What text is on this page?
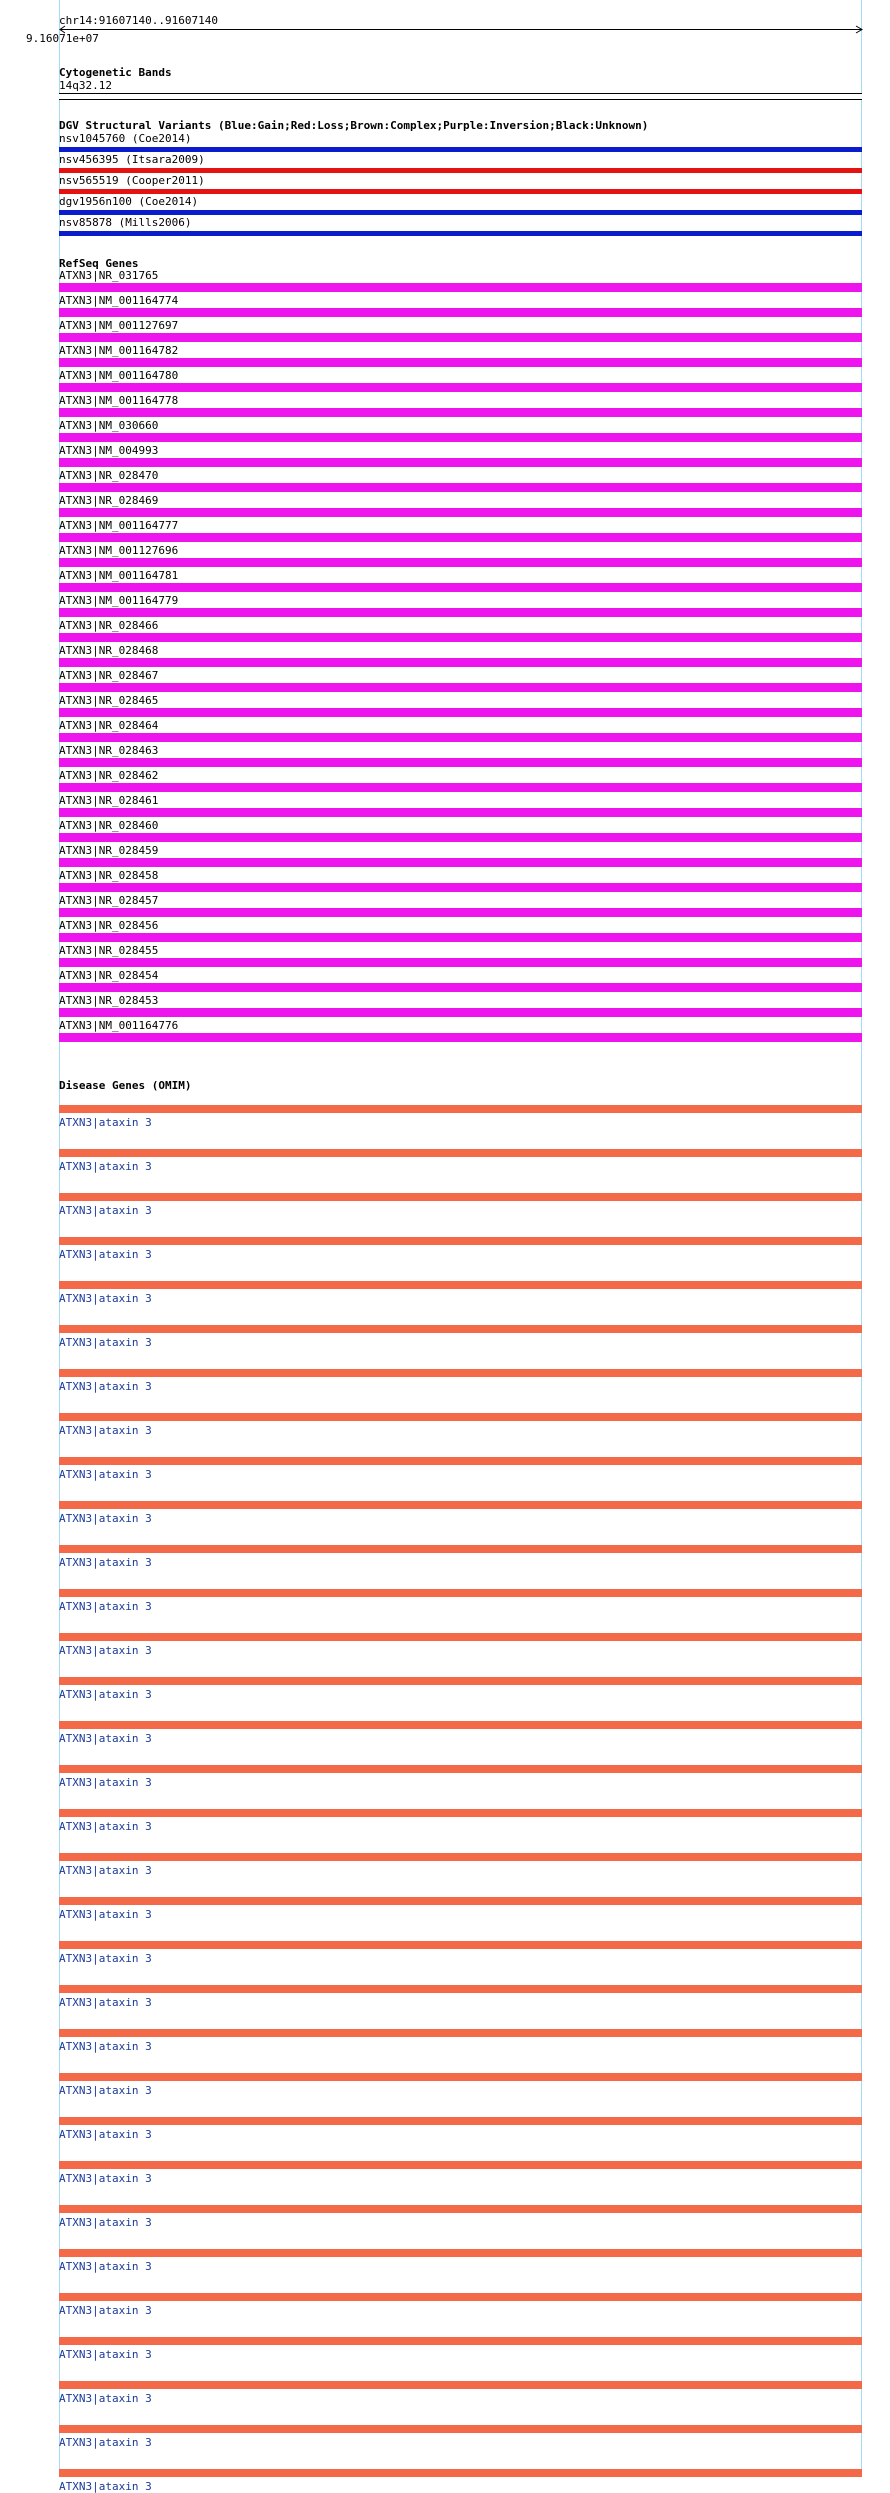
chr14:91607140..91607140
9.16071e+07
Cytogenetic Bands
14q32.12
DGV Structural Variants (Blue:Gain;Red:Loss;Brown:Complex;Purple:Inversion;Black:Unknown)
nsv1045760 (Coe2014)
nsv456395 (Itsara2009)
nsv565519 (Cooper2011)
dgv1956n100 (Coe2014)
nsv85878 (Mills2006)
RefSeq Genes
ATXN3|NR_031765
ATXN3|NM_001164774
ATXN3|NM_001127697
ATXN3|NM_001164782
ATXN3|NM_001164780
ATXN3|NM_001164778
ATXN3|NM_030660
ATXN3|NM_004993
ATXN3|NR_028470
ATXN3|NR_028469
ATXN3|NM_001164777
ATXN3|NM_001127696
ATXN3|NM_001164781
ATXN3|NM_001164779
ATXN3|NR_028466
ATXN3|NR_028468
ATXN3|NR_028467
ATXN3|NR_028465
ATXN3|NR_028464
ATXN3|NR_028463
ATXN3|NR_028462
ATXN3|NR_028461
ATXN3|NR_028460
ATXN3|NR_028459
ATXN3|NR_028458
ATXN3|NR_028457
ATXN3|NR_028456
ATXN3|NR_028455
ATXN3|NR_028454
ATXN3|NR_028453
ATXN3|NM_001164776
Disease Genes (OMIM)
ATXN3|ataxin 3
ATXN3|ataxin 3
ATXN3|ataxin 3
ATXN3|ataxin 3
ATXN3|ataxin 3
ATXN3|ataxin 3
ATXN3|ataxin 3
ATXN3|ataxin 3
ATXN3|ataxin 3
ATXN3|ataxin 3
ATXN3|ataxin 3
ATXN3|ataxin 3
ATXN3|ataxin 3
ATXN3|ataxin 3
ATXN3|ataxin 3
ATXN3|ataxin 3
ATXN3|ataxin 3
ATXN3|ataxin 3
ATXN3|ataxin 3
ATXN3|ataxin 3
ATXN3|ataxin 3
ATXN3|ataxin 3
ATXN3|ataxin 3
ATXN3|ataxin 3
ATXN3|ataxin 3
ATXN3|ataxin 3
ATXN3|ataxin 3
ATXN3|ataxin 3
ATXN3|ataxin 3
ATXN3|ataxin 3
ATXN3|ataxin 3
ATXN3|ataxin 3
